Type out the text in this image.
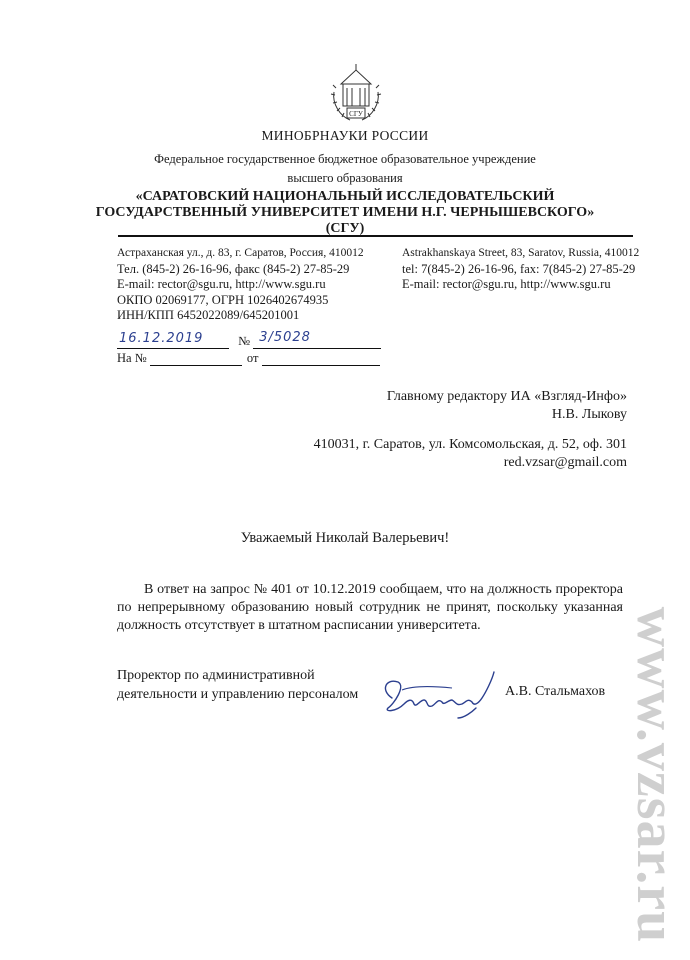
СГУ
МИНОБРНАУКИ РОССИИ
Федеральное государственное бюджетное образовательное учреждение
высшего образования
«САРАТОВСКИЙ НАЦИОНАЛЬНЫЙ ИССЛЕДОВАТЕЛЬСКИЙ
ГОСУДАРСТВЕННЫЙ УНИВЕРСИТЕТ ИМЕНИ Н.Г. ЧЕРНЫШЕВСКОГО»
(СГУ)
Астраханская ул., д. 83, г. Саратов, Россия, 410012
Тел. (845-2) 26-16-96, факс (845-2) 27-85-29
E-mail: rector@sgu.ru, http://www.sgu.ru
ОКПО 02069177, ОГРН 1026402674935
ИНН/КПП 6452022089/645201001
Astrakhanskaya Street, 83, Saratov, Russia, 410012
tel: 7(845-2) 26-16-96, fax: 7(845-2) 27-85-29
E-mail: rector@sgu.ru, http://www.sgu.ru
16.12.2019	№ 3/5028
На №	от
Главному редактору ИА «Взгляд-Инфо»
Н.В. Лыкову
410031, г. Саратов, ул. Комсомольская, д. 52, оф. 301
red.vzsar@gmail.com
Уважаемый Николай Валерьевич!
В ответ на запрос № 401 от 10.12.2019 сообщаем, что на должность проректора по непрерывному образованию новый сотрудник не принят, поскольку указанная должность отсутствует в штатном расписании университета.
Проректор по административной
деятельности и управлению персоналом	А.В. Стальмахов www.vzsar.ru
